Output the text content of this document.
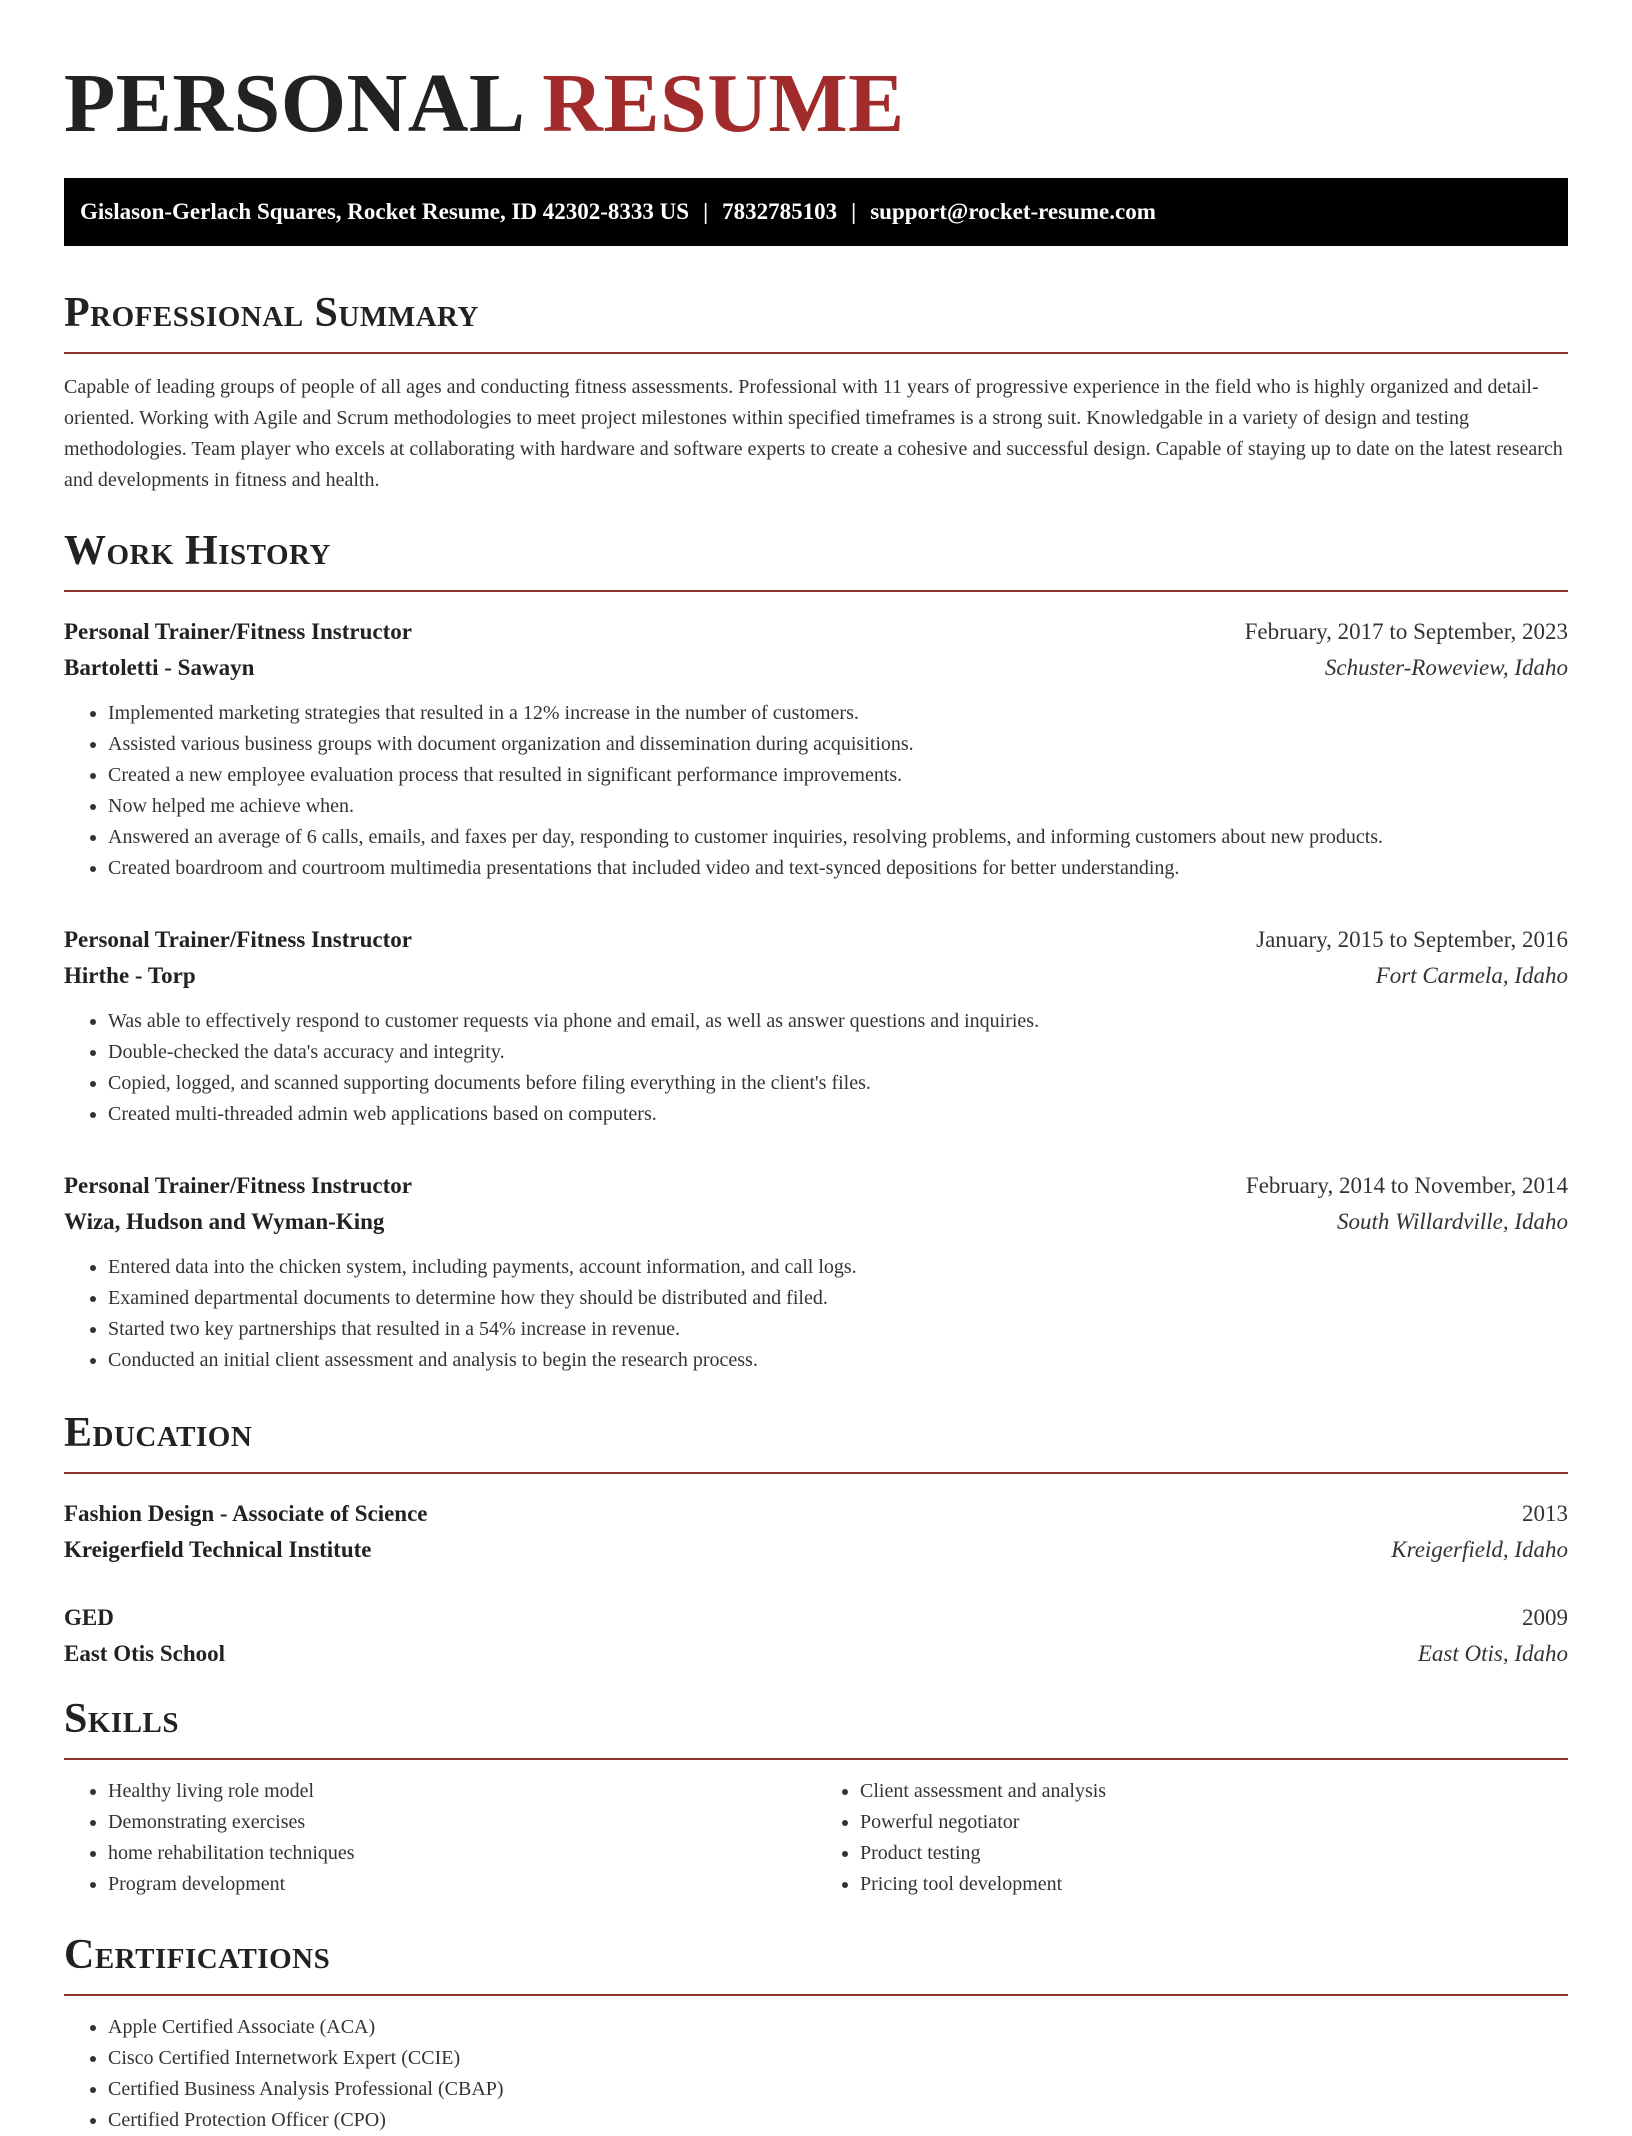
PERSONAL RESUME
Gislason-Gerlach Squares, Rocket Resume, ID 42302-8333 US | 7832785103 | support@rocket-resume.com
Professional Summary

Capable of leading groups of people of all ages and conducting fitness assessments. Professional with 11 years of progressive experience in the field who is highly organized and detail-oriented. Working with Agile and Scrum methodologies to meet project milestones within specified timeframes is a strong suit. Knowledgable in a variety of design and testing methodologies. Team player who excels at collaborating with hardware and software experts to create a cohesive and successful design. Capable of staying up to date on the latest research and developments in fitness and health.

Work History
Personal Trainer/Fitness Instructor	February, 2017 to September, 2023
Bartoletti - Sawayn	Schuster-Roweview, Idaho
• Implemented marketing strategies that resulted in a 12% increase in the number of customers.
• Assisted various business groups with document organization and dissemination during acquisitions.
• Created a new employee evaluation process that resulted in significant performance improvements.
• Now helped me achieve when.
• Answered an average of 6 calls, emails, and faxes per day, responding to customer inquiries, resolving problems, and informing customers about new products.
• Created boardroom and courtroom multimedia presentations that included video and text-synced depositions for better understanding.
Personal Trainer/Fitness Instructor	January, 2015 to September, 2016
Hirthe - Torp	Fort Carmela, Idaho
• Was able to effectively respond to customer requests via phone and email, as well as answer questions and inquiries.
• Double-checked the data's accuracy and integrity.
• Copied, logged, and scanned supporting documents before filing everything in the client's files.
• Created multi-threaded admin web applications based on computers.
Personal Trainer/Fitness Instructor	February, 2014 to November, 2014
Wiza, Hudson and Wyman-King	South Willardville, Idaho
• Entered data into the chicken system, including payments, account information, and call logs.
• Examined departmental documents to determine how they should be distributed and filed.
• Started two key partnerships that resulted in a 54% increase in revenue.
• Conducted an initial client assessment and analysis to begin the research process.
Education
Fashion Design - Associate of Science	2013
Kreigerfield Technical Institute	Kreigerfield, Idaho
GED	2009
East Otis School	East Otis, Idaho
Skills
• Healthy living role model
• Demonstrating exercises
• home rehabilitation techniques
• Program development
• Client assessment and analysis
• Powerful negotiator
• Product testing
• Pricing tool development
Certifications
• Apple Certified Associate (ACA)
• Cisco Certified Internetwork Expert (CCIE)
• Certified Business Analysis Professional (CBAP)
• Certified Protection Officer (CPO)
